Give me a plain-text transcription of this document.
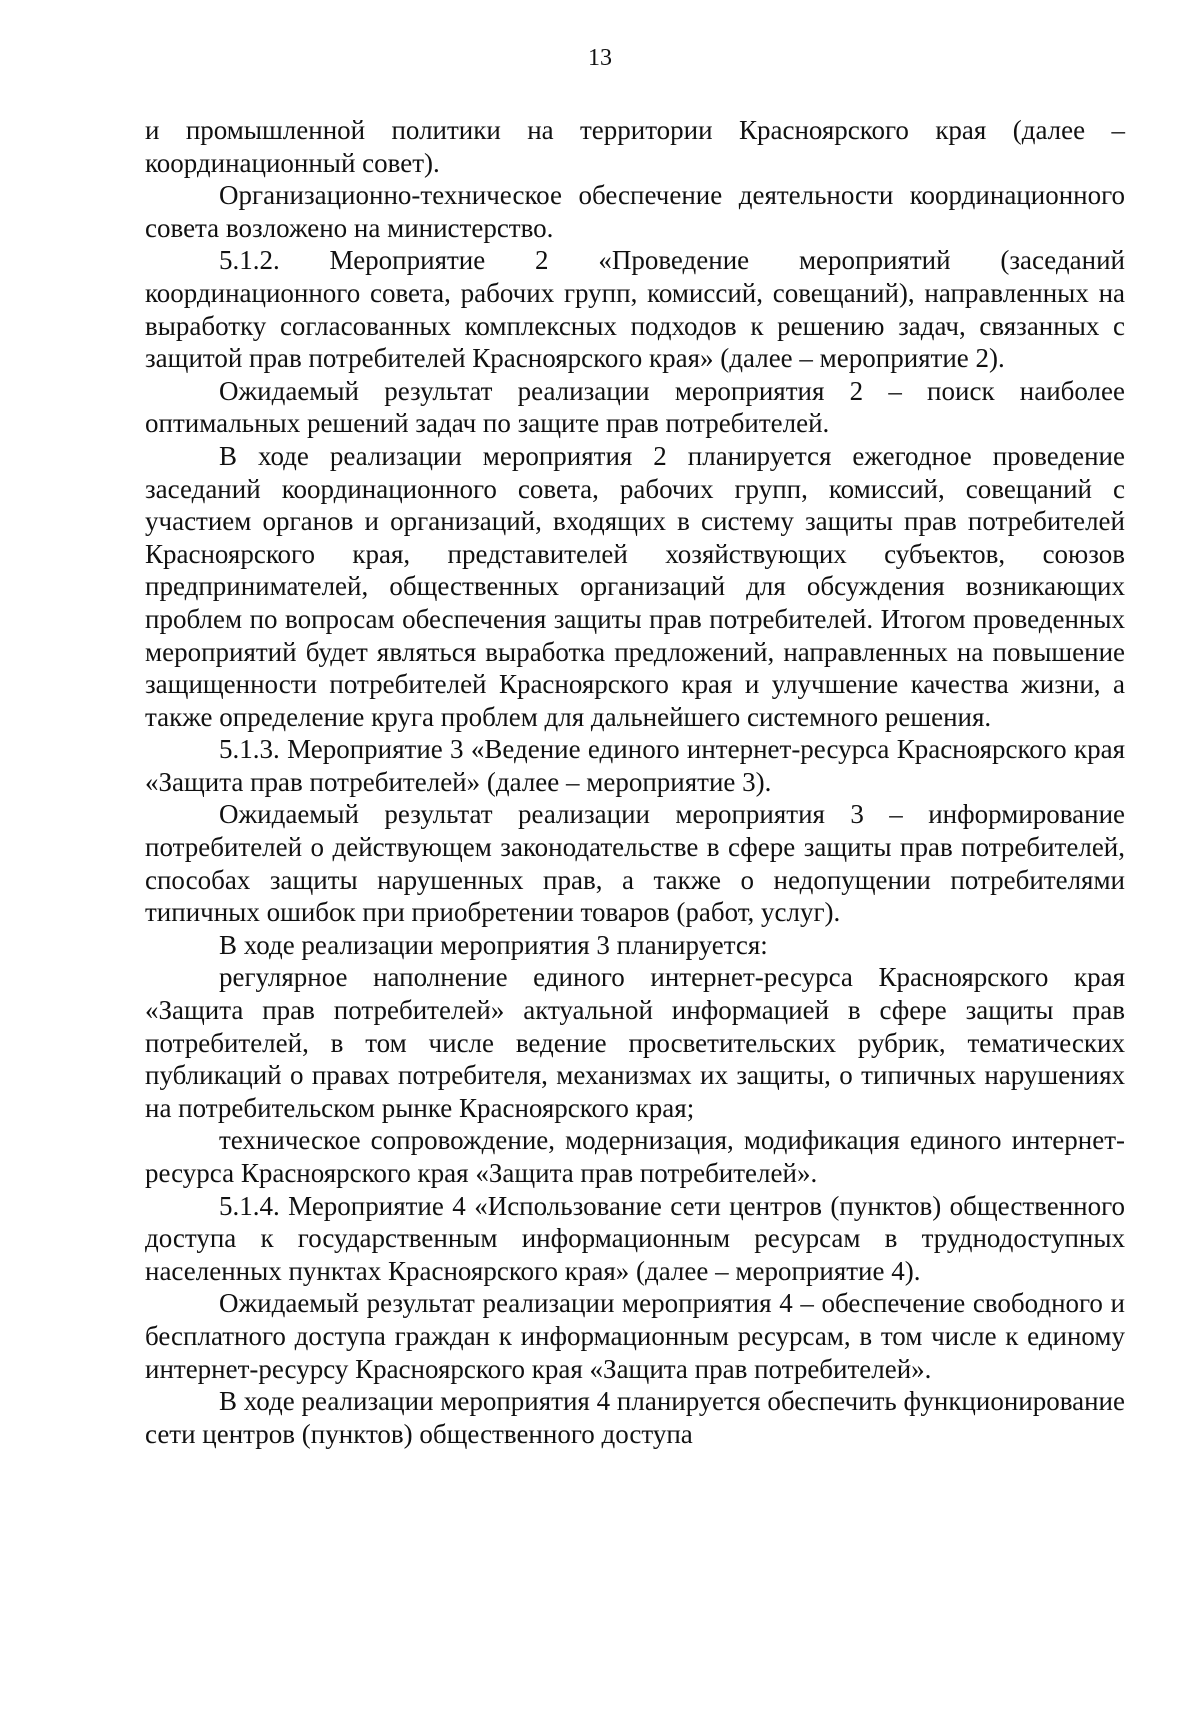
13

и промышленной политики на территории Красноярского края (далее – координационный совет).

Организационно-техническое обеспечение деятельности координационного совета возложено на министерство.

5.1.2. Мероприятие 2 «Проведение мероприятий (заседаний координационного совета, рабочих групп, комиссий, совещаний), направленных на выработку согласованных комплексных подходов к решению задач, связанных с защитой прав потребителей Красноярского края» (далее – мероприятие 2).

Ожидаемый результат реализации мероприятия 2 – поиск наиболее оптимальных решений задач по защите прав потребителей.

В ходе реализации мероприятия 2 планируется ежегодное проведение заседаний координационного совета, рабочих групп, комиссий, совещаний с участием органов и организаций, входящих в систему защиты прав потребителей Красноярского края, представителей хозяйствующих субъектов, союзов предпринимателей, общественных организаций для обсуждения возникающих проблем по вопросам обеспечения защиты прав потребителей. Итогом проведенных мероприятий будет являться выработка предложений, направленных на повышение защищенности потребителей Красноярского края и улучшение качества жизни, а также определение круга проблем для дальнейшего системного решения.

5.1.3. Мероприятие 3 «Ведение единого интернет-ресурса Красноярского края «Защита прав потребителей» (далее – мероприятие 3).

Ожидаемый результат реализации мероприятия 3 – информирование потребителей о действующем законодательстве в сфере защиты прав потребителей, способах защиты нарушенных прав, а также о недопущении потребителями типичных ошибок при приобретении товаров (работ, услуг).

В ходе реализации мероприятия 3 планируется:

регулярное наполнение единого интернет-ресурса Красноярского края «Защита прав потребителей» актуальной информацией в сфере защиты прав потребителей, в том числе ведение просветительских рубрик, тематических публикаций о правах потребителя, механизмах их защиты, о типичных нарушениях на потребительском рынке Красноярского края;

техническое сопровождение, модернизация, модификация единого интернет-ресурса Красноярского края «Защита прав потребителей».

5.1.4. Мероприятие 4 «Использование сети центров (пунктов) общественного доступа к государственным информационным ресурсам в труднодоступных населенных пунктах Красноярского края» (далее – мероприятие 4).

Ожидаемый результат реализации мероприятия 4 – обеспечение свободного и бесплатного доступа граждан к информационным ресурсам, в том числе к единому интернет-ресурсу Красноярского края «Защита прав потребителей».

В ходе реализации мероприятия 4 планируется обеспечить функционирование сети центров (пунктов) общественного доступа
